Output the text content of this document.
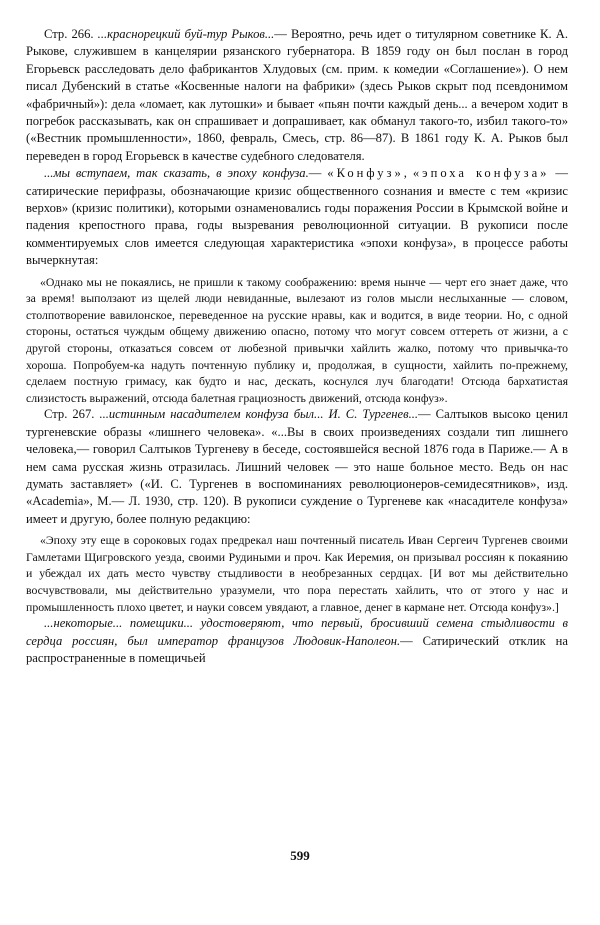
Стр. 266. ...краснорецкий буй-тур Рыков...— Вероятно, речь идет о титулярном советнике К. А. Рыкове, служившем в канцелярии рязанского губернатора. В 1859 году он был послан в город Егорьевск расследовать дело фабрикантов Хлудовых (см. прим. к комедии «Соглашение»). О нем писал Дубенский в статье «Косвенные налоги на фабрики» (здесь Рыков скрыт под псевдонимом «фабричный»): дела «ломает, как лутошки» и бывает «пьян почти каждый день... а вечером ходит в погребок рассказывать, как он спрашивает и допрашивает, как обманул такого-то, избил такого-то» («Вестник промышленности», 1860, февраль, Смесь, стр. 86—87). В 1861 году К. А. Рыков был переведен в город Егорьевск в качестве судебного следователя.

...мы вступаем, так сказать, в эпоху конфуза.— «Конфуз», «эпоха конфуза» — сатирические перифразы, обозначающие кризис общественного сознания и вместе с тем «кризис верхов» (кризис политики), которыми ознаменовались годы поражения России в Крымской войне и падения крепостного права, годы вызревания революционной ситуации. В рукописи после комментируемых слов имеется следующая характеристика «эпохи конфуза», в процессе работы вычеркнутая:

«Однако мы не покаялись, не пришли к такому соображению: время нынче — черт его знает даже, что за время! выползают из щелей люди невиданные, вылезают из голов мысли неслыханные — словом, столпотворение вавилонское, переведенное на русские нравы, как и водится, в виде теории. Но, с одной стороны, остаться чуждым общему движению опасно, потому что могут совсем оттереть от жизни, а с другой стороны, отказаться совсем от любезной привычки хайлить жалко, потому что привычка-то хороша. Попробуем-ка надуть почтенную публику и, продолжая, в сущности, хайлить по-прежнему, сделаем постную гримасу, как будто и нас, дескать, коснулся луч благодати! Отсюда бархатистая слизистость выражений, отсюда балетная грациозность движений, отсюда конфуз».

Стр. 267. ...истинным насадителем конфуза был... И. С. Тургенев...— Салтыков высоко ценил тургеневские образы «лишнего человека». «...Вы в своих произведениях создали тип лишнего человека,— говорил Салтыков Тургеневу в беседе, состоявшейся весной 1876 года в Париже.— А в нем сама русская жизнь отразилась. Лишний человек — это наше больное место. Ведь он нас думать заставляет» («И. С. Тургенев в воспоминаниях революционеров-семидесятников», изд. «Academia», М.— Л. 1930, стр. 120). В рукописи суждение о Тургеневе как «насадителе конфуза» имеет и другую, более полную редакцию:

«Эпоху эту еще в сороковых годах предрекал наш почтенный писатель Иван Сергеич Тургенев своими Гамлетами Щигровского уезда, своими Рудиными и проч. Как Иеремия, он призывал россиян к покаянию и убеждал их дать место чувству стыдливости в необрезанных сердцах. [И вот мы действительно восчувствовали, мы действительно уразумели, что пора перестать хайлить, что от этого у нас и промышленность плохо цветет, и науки совсем увядают, а главное, денег в кармане нет. Отсюда конфуз».]

...некоторые... помещики... удостоверяют, что первый, бросивший семена стыдливости в сердца россиян, был император французов Людовик-Наполеон.— Сатирический отклик на распространенные в помещичьей

599
